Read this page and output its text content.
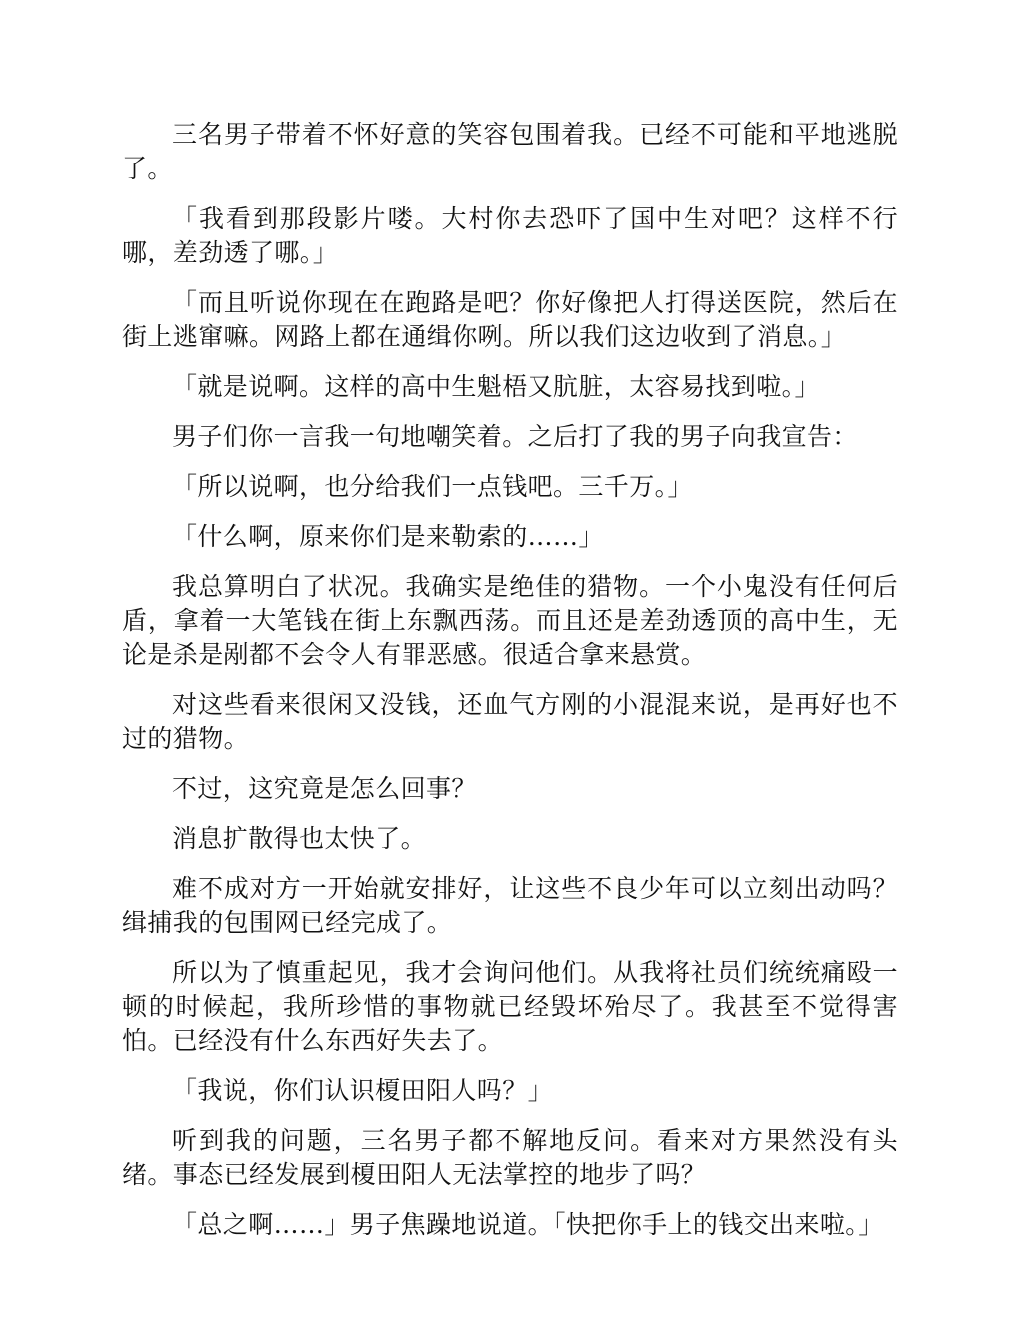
三名男子带着不怀好意的笑容包围着我。已经不可能和平地逃脱了。

「我看到那段影片喽。大村你去恐吓了国中生对吧？这样不行哪，差劲透了哪。」

「而且听说你现在在跑路是吧？你好像把人打得送医院，然后在街上逃窜嘛。网路上都在通缉你咧。所以我们这边收到了消息。」

「就是说啊。这样的高中生魁梧又肮脏，太容易找到啦。」

男子们你一言我一句地嘲笑着。之后打了我的男子向我宣告：

「所以说啊，也分给我们一点钱吧。三千万。」

「什么啊，原来你们是来勒索的……」

我总算明白了状况。我确实是绝佳的猎物。一个小鬼没有任何后盾，拿着一大笔钱在街上东飘西荡。而且还是差劲透顶的高中生，无论是杀是剐都不会令人有罪恶感。很适合拿来悬赏。

对这些看来很闲又没钱，还血气方刚的小混混来说，是再好也不过的猎物。

不过，这究竟是怎么回事？

消息扩散得也太快了。

难不成对方一开始就安排好，让这些不良少年可以立刻出动吗？缉捕我的包围网已经完成了。

所以为了慎重起见，我才会询问他们。从我将社员们统统痛殴一顿的时候起，我所珍惜的事物就已经毁坏殆尽了。我甚至不觉得害怕。已经没有什么东西好失去了。

「我说，你们认识榎田阳人吗？」

听到我的问题，三名男子都不解地反问。看来对方果然没有头绪。事态已经发展到榎田阳人无法掌控的地步了吗？

「总之啊……」男子焦躁地说道。「快把你手上的钱交出来啦。」
